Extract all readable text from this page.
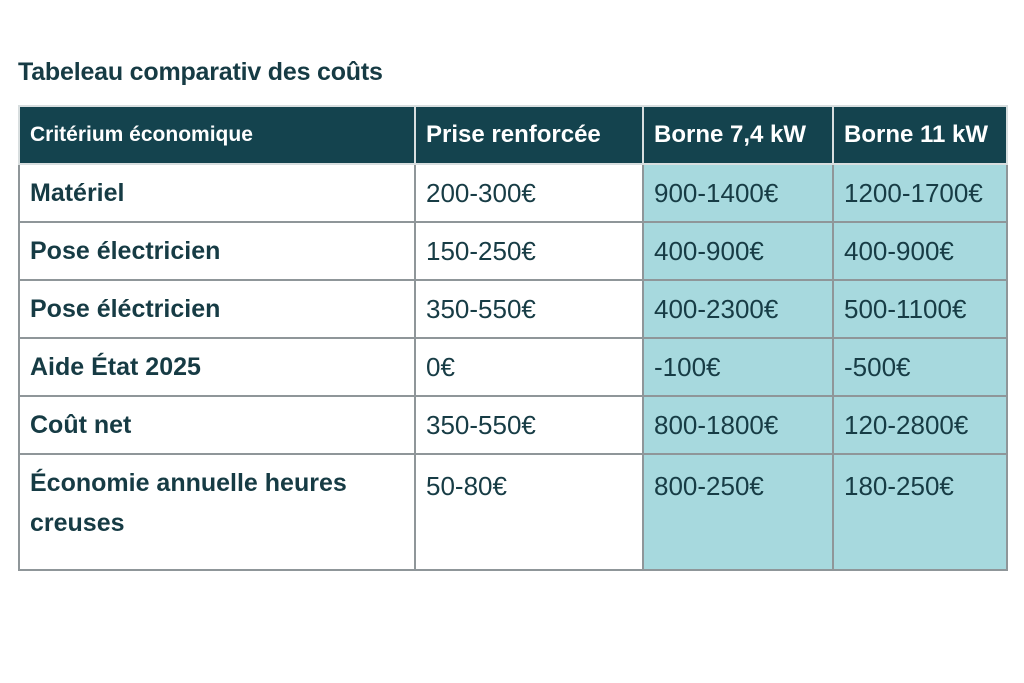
Tabeleau comparativ des coûts
Critérium économique	Prise renforcée	Borne 7,4 kW	Borne 11 kW
Matériel	200-300€	900-1400€	1200-1700€
Pose électricien	150-250€	400-900€	400-900€
Pose éléctricien	350-550€	400-2300€	500-1100€
Aide État 2025	0€	-100€	-500€
Coût net	350-550€	800-1800€	120-2800€
Économie annuelle heures creuses	50-80€	800-250€	180-250€
